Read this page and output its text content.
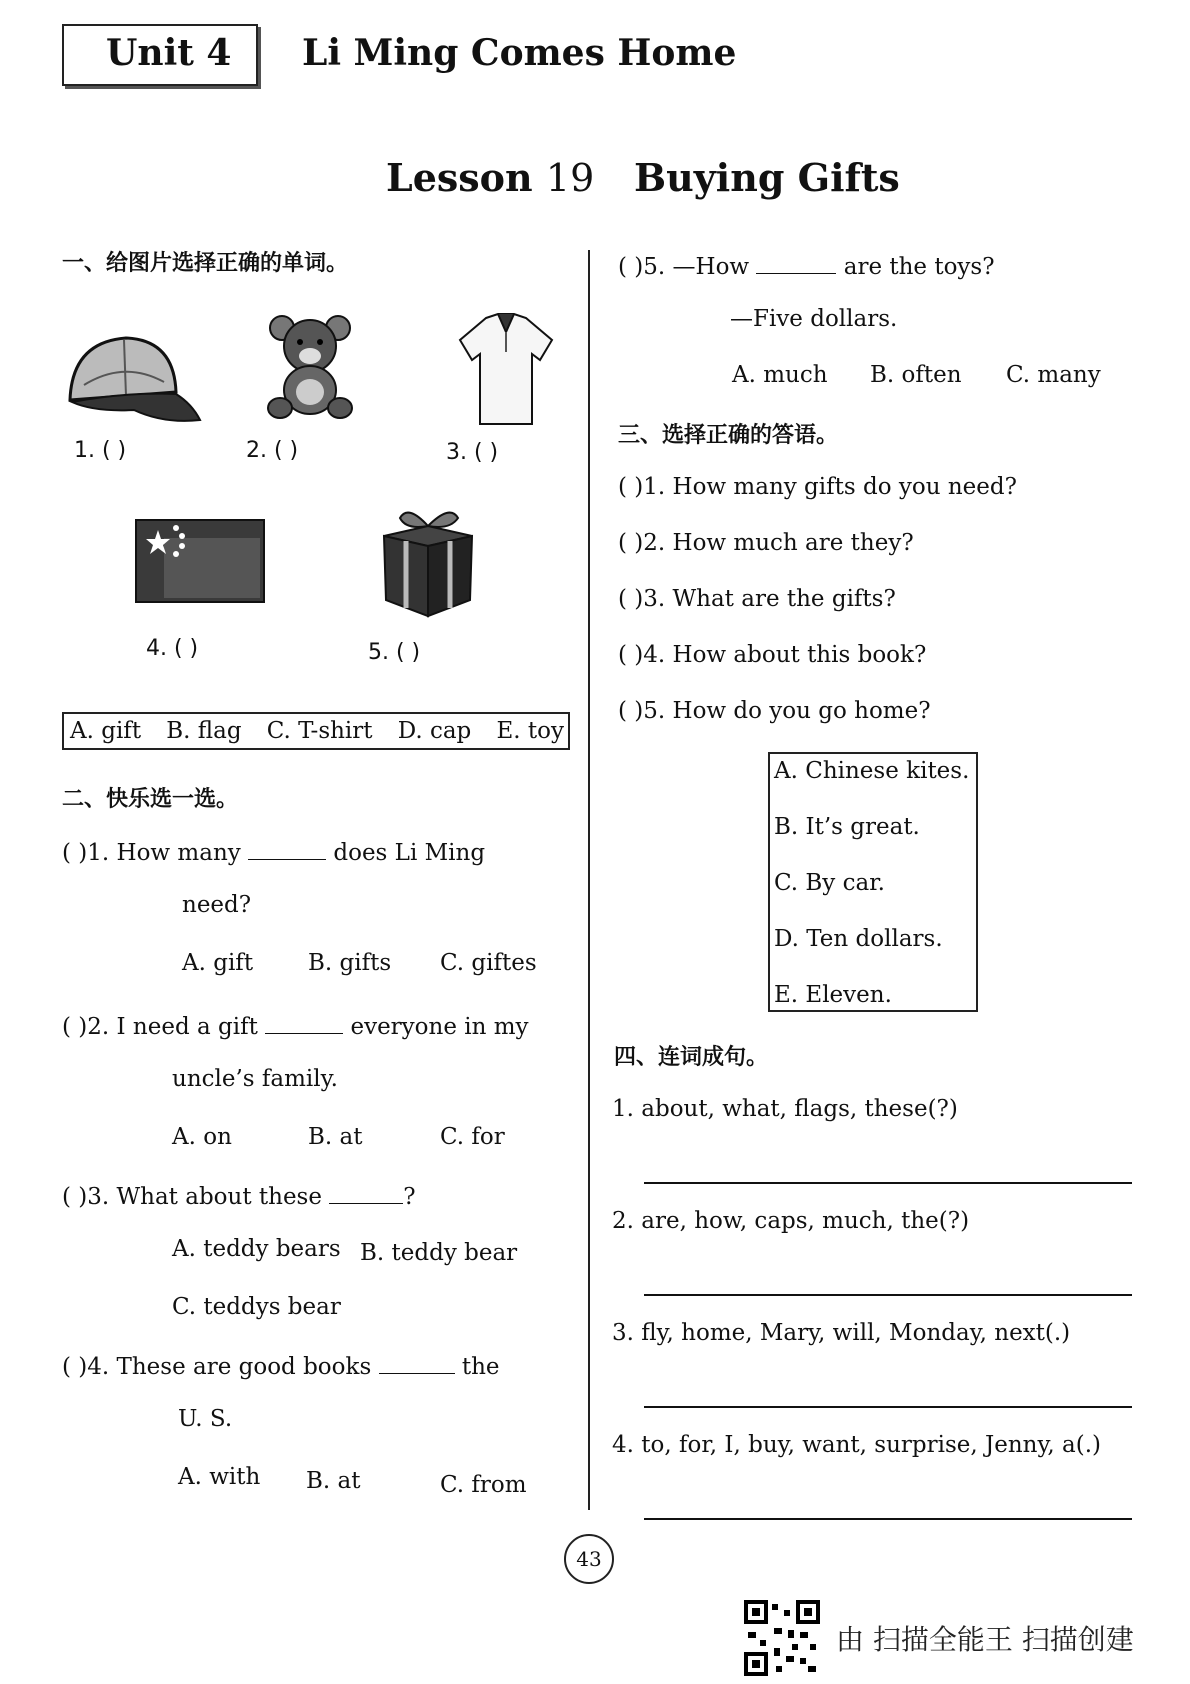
Unit 4 Li Ming Comes Home
Lesson 19 Buying Gifts
一、给图片选择正确的单词。
1. ( )	2. ( )	3. ( )
4. ( )	5. ( )
A. gift B. flag C. T-shirt D. cap E. toy
二、快乐选一选。
( )1. How many	does Li Ming
need?
A. gift B. gifts C. giftes
( )2. I need a gift	everyone in my
uncle’s family.
A. on	B. at	C. for
( )3. What about these	?
A. teddy bears B. teddy bear
C. teddys bear
( )4. These are good books	the
U. S.
A. with B. at	C. from
( )5. —How	are the toys?
—Five dollars.
A. much B. often C. many
三、选择正确的答语。
( )1. How many gifts do you need?
( )2. How much are they?
( )3. What are the gifts?
( )4. How about this book?
( )5. How do you go home?
A. Chinese kites.
B. It’s great.
C. By car.
D. Ten dollars.
E. Eleven.
四、连词成句。
1. about, what, flags, these(?)
2. are, how, caps, much, the(?)
3. fly, home, Mary, will, Monday, next(.)
4. to, for, I, buy, want, surprise, Jenny, a(.)
43
由 扫描全能王 扫描创建
